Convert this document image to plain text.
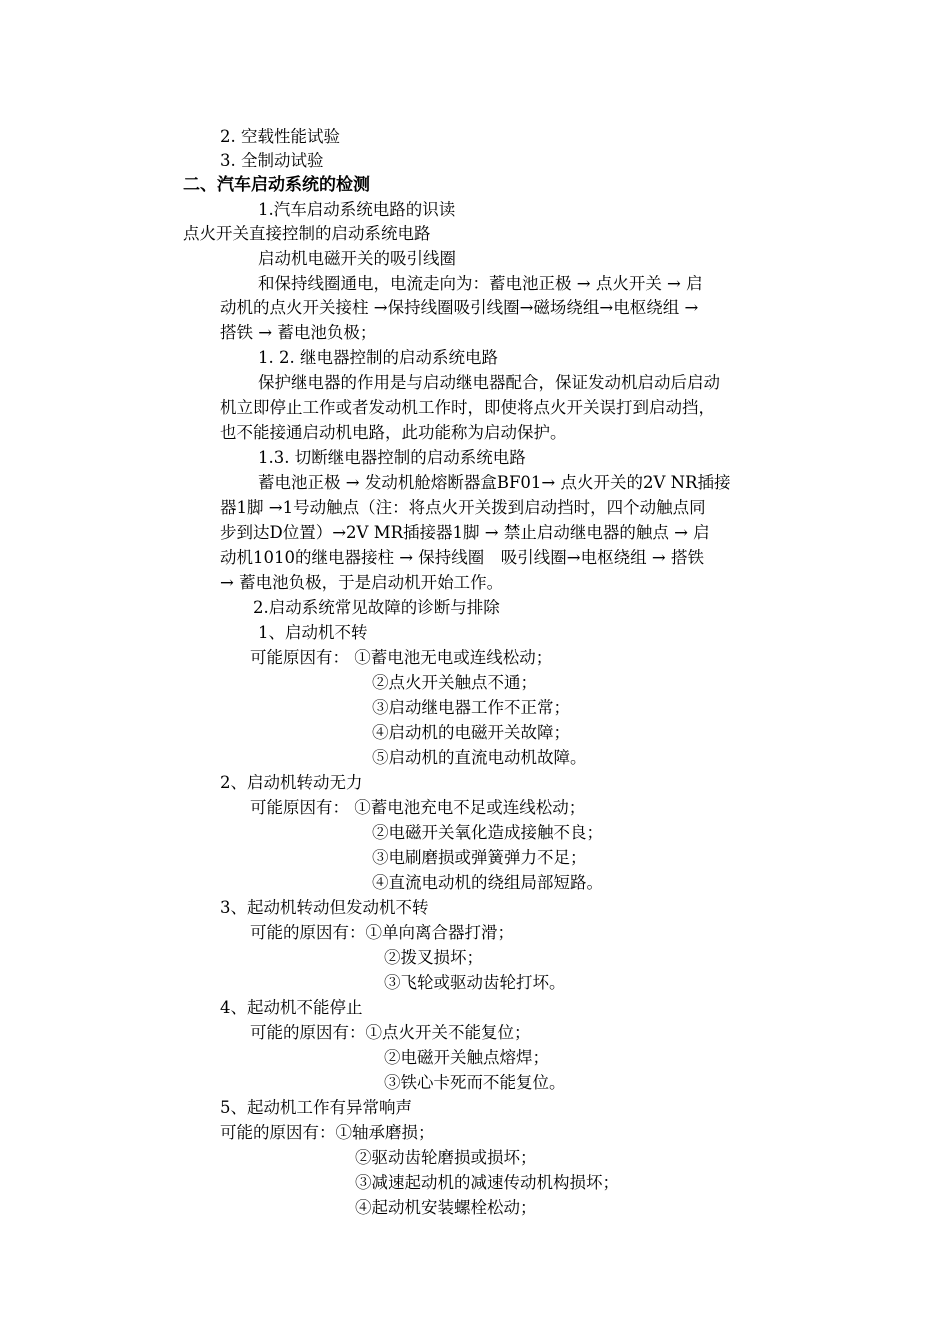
2. 空载性能试验
3. 全制动试验
二、汽车启动系统的检测
1.汽车启动系统电路的识读
点火开关直接控制的启动系统电路
启动机电磁开关的吸引线圈
和保持线圈通电，电流走向为：蓄电池正极 → 点火开关 → 启
动机的点火开关接柱 →保持线圈吸引线圈→磁场绕组→电枢绕组 →
搭铁 → 蓄电池负极；
1. 2. 继电器控制的启动系统电路
保护继电器的作用是与启动继电器配合，保证发动机启动后启动
机立即停止工作或者发动机工作时，即使将点火开关误打到启动挡，
也不能接通启动机电路，此功能称为启动保护。
1.3. 切断继电器控制的启动系统电路
蓄电池正极 → 发动机舱熔断器盒BF01→ 点火开关的2V NR插接
器1脚 →1号动触点（注：将点火开关拨到启动挡时，四个动触点同
步到达D位置）→2V MR插接器1脚 → 禁止启动继电器的触点 → 启
动机1010的继电器接柱 → 保持线圈　吸引线圈→电枢绕组 → 搭铁
→ 蓄电池负极，于是启动机开始工作。
2.启动系统常见故障的诊断与排除
1、启动机不转
可能原因有： ①蓄电池无电或连线松动；
②点火开关触点不通；
③启动继电器工作不正常；
④启动机的电磁开关故障；
⑤启动机的直流电动机故障。
2、启动机转动无力
可能原因有： ①蓄电池充电不足或连线松动；
②电磁开关氧化造成接触不良；
③电刷磨损或弹簧弹力不足；
④直流电动机的绕组局部短路。
3、起动机转动但发动机不转
可能的原因有：①单向离合器打滑；
②拨叉损坏；
③飞轮或驱动齿轮打坏。
4、起动机不能停止
可能的原因有：①点火开关不能复位；
②电磁开关触点熔焊；
③铁心卡死而不能复位。
5、起动机工作有异常响声
可能的原因有：①轴承磨损；
②驱动齿轮磨损或损坏；
③减速起动机的减速传动机构损坏；
④起动机安装螺栓松动；
